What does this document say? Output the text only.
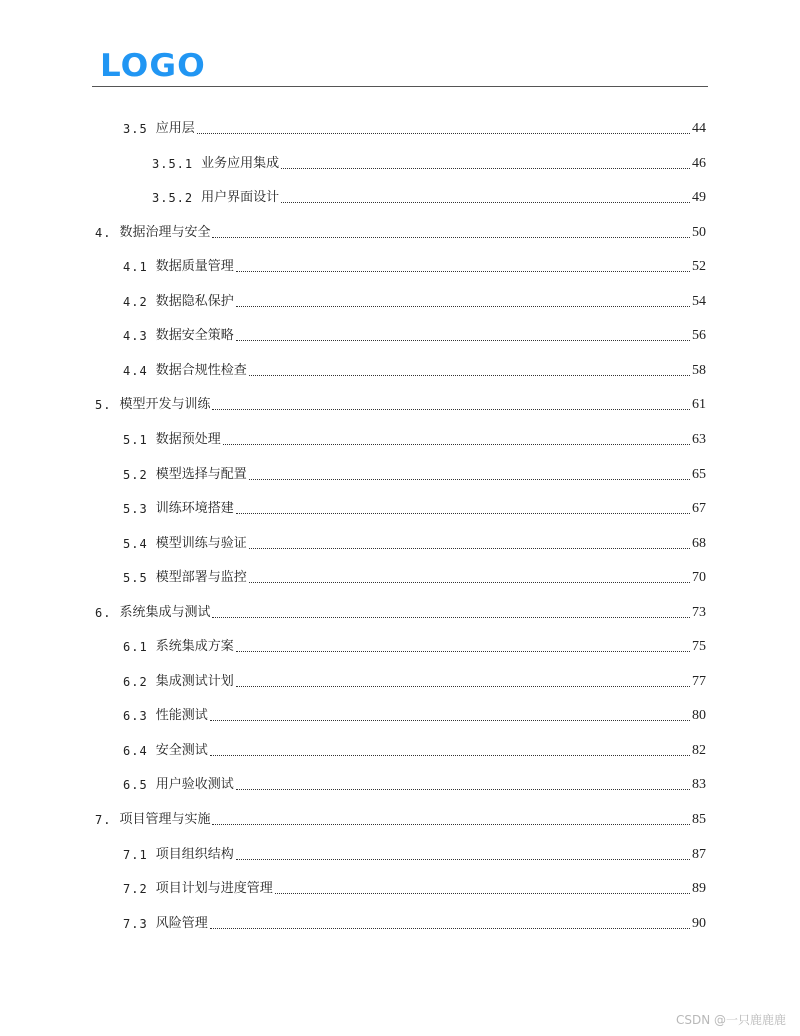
LOGO
3.5 应用层	44
3.5.1 业务应用集成	46
3.5.2 用户界面设计	49
4. 数据治理与安全	50
4.1 数据质量管理	52
4.2 数据隐私保护	54
4.3 数据安全策略	56
4.4 数据合规性检查	58
5. 模型开发与训练	61
5.1 数据预处理	63
5.2 模型选择与配置	65
5.3 训练环境搭建	67
5.4 模型训练与验证	68
5.5 模型部署与监控	70
6. 系统集成与测试	73
6.1 系统集成方案	75
6.2 集成测试计划	77
6.3 性能测试	80
6.4 安全测试	82
6.5 用户验收测试	83
7. 项目管理与实施	85
7.1 项目组织结构	87
7.2 项目计划与进度管理	89
7.3 风险管理	90
CSDN @一只鹿鹿鹿
